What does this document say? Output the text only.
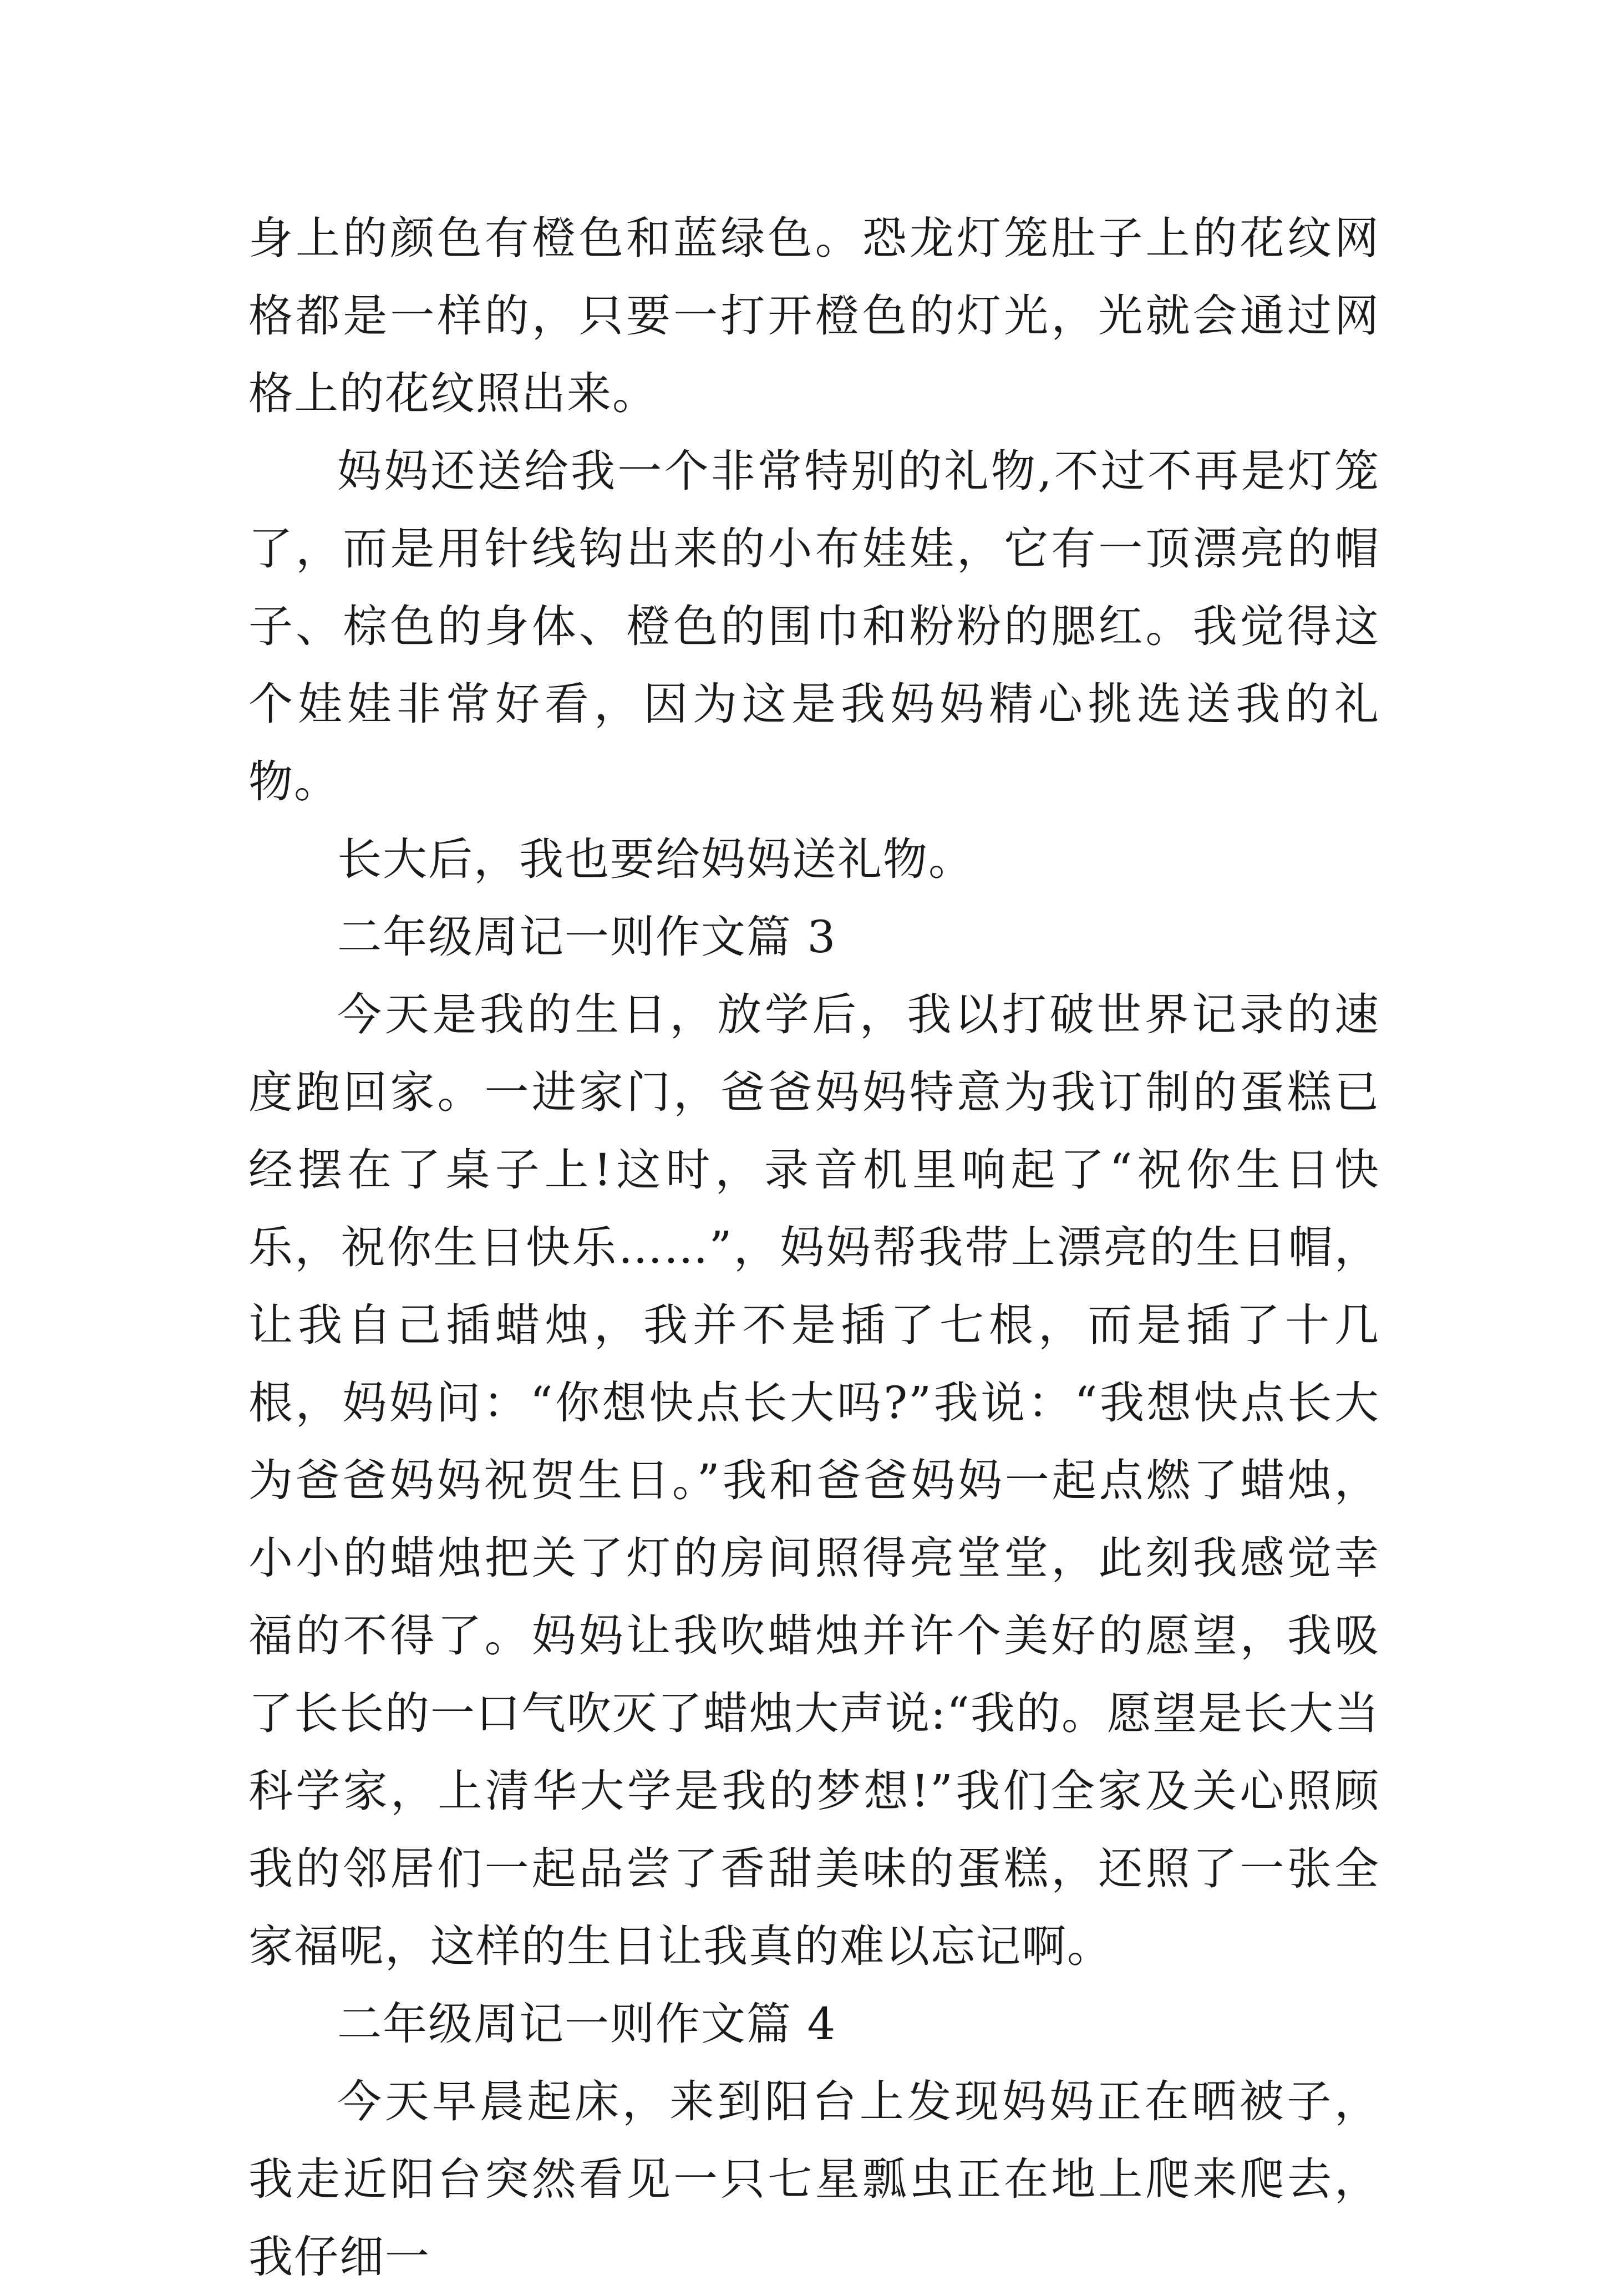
身上的颜色有橙色和蓝绿色。恐龙灯笼肚子上的花纹网格都是一样的，只要一打开橙色的灯光，光就会通过网格上的花纹照出来。

妈妈还送给我一个非常特别的礼物,不过不再是灯笼了，而是用针线钩出来的小布娃娃，它有一顶漂亮的帽子、棕色的身体、橙色的围巾和粉粉的腮红。我觉得这个娃娃非常好看，因为这是我妈妈精心挑选送我的礼物。

长大后，我也要给妈妈送礼物。

二年级周记一则作文篇 3

今天是我的生日，放学后，我以打破世界记录的速度跑回家。一进家门，爸爸妈妈特意为我订制的蛋糕已经摆在了桌子上!这时，录音机里响起了“祝你生日快乐，祝你生日快乐……”，妈妈帮我带上漂亮的生日帽，让我自己插蜡烛，我并不是插了七根，而是插了十几根，妈妈问：“你想快点长大吗?”我说：“我想快点长大为爸爸妈妈祝贺生日。”我和爸爸妈妈一起点燃了蜡烛，小小的蜡烛把关了灯的房间照得亮堂堂，此刻我感觉幸福的不得了。妈妈让我吹蜡烛并许个美好的愿望，我吸了长长的一口气吹灭了蜡烛大声说:“我的。愿望是长大当科学家，上清华大学是我的梦想!”我们全家及关心照顾我的邻居们一起品尝了香甜美味的蛋糕，还照了一张全家福呢，这样的生日让我真的难以忘记啊。

二年级周记一则作文篇 4

今天早晨起床，来到阳台上发现妈妈正在晒被子，我走近阳台突然看见一只七星瓢虫正在地上爬来爬去，我仔细一
